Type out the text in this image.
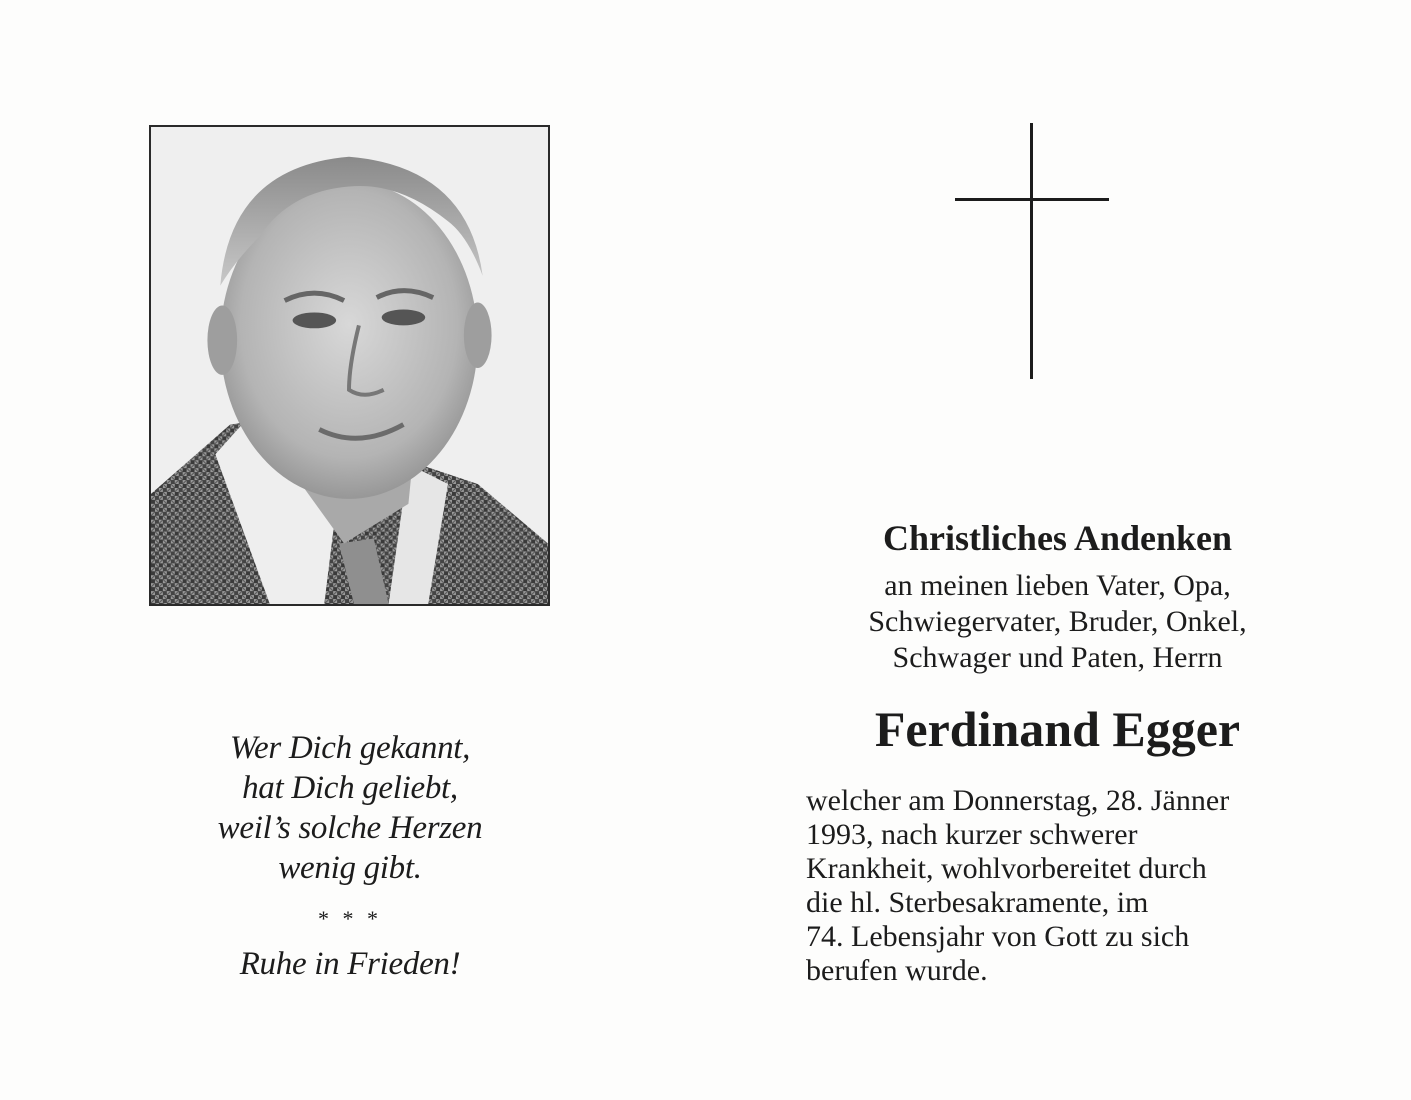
Wer Dich gekannt,
hat Dich geliebt,
weil’s solche Herzen
wenig gibt.
* * *
Ruhe in Frieden!
Christliches Andenken
an meinen lieben Vater, Opa,
Schwiegervater, Bruder, Onkel,
Schwager und Paten, Herrn
Ferdinand Egger
welcher am Donnerstag, 28. Jänner
1993, nach kurzer schwerer
Krankheit, wohlvorbereitet durch
die hl. Sterbesakramente, im
74. Lebensjahr von Gott zu sich
berufen wurde.
